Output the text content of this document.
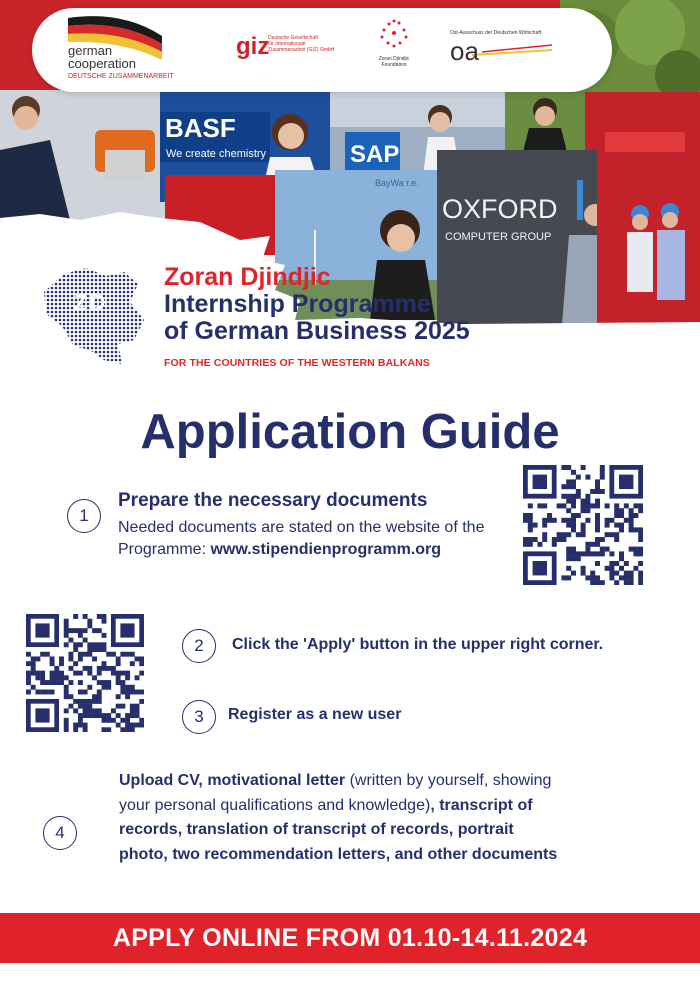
BASF
We create chemistry	SAP
BayWa r.e.
OXFORD
COMPUTER GROUP
german
cooperation
DEUTSCHE ZUSAMMENARBEIT
giz
Deutsche Gesellschaft
für Internationale
Zusammenarbeit (GIZ) GmbH
Zoran Djindjic
Foundation
Ost-Ausschuss der Deutschen Wirtschaft
oa
ZD
Zoran Djindjic
Internship Programme
of German Business 2025
FOR THE COUNTRIES OF THE WESTERN BALKANS
Application Guide
1
Prepare the necessary documents
Needed documents are stated on the website of the Programme: www.stipendienprogramm.org
2	Click the 'Apply' button in the upper right corner.
3	Register as a new user
4
Upload CV, motivational letter (written by yourself, showing your personal qualifications and knowledge), transcript of records, translation of transcript of records, portrait photo, two recommendation letters, and other documents
APPLY ONLINE FROM 01.10-14.11.2024
